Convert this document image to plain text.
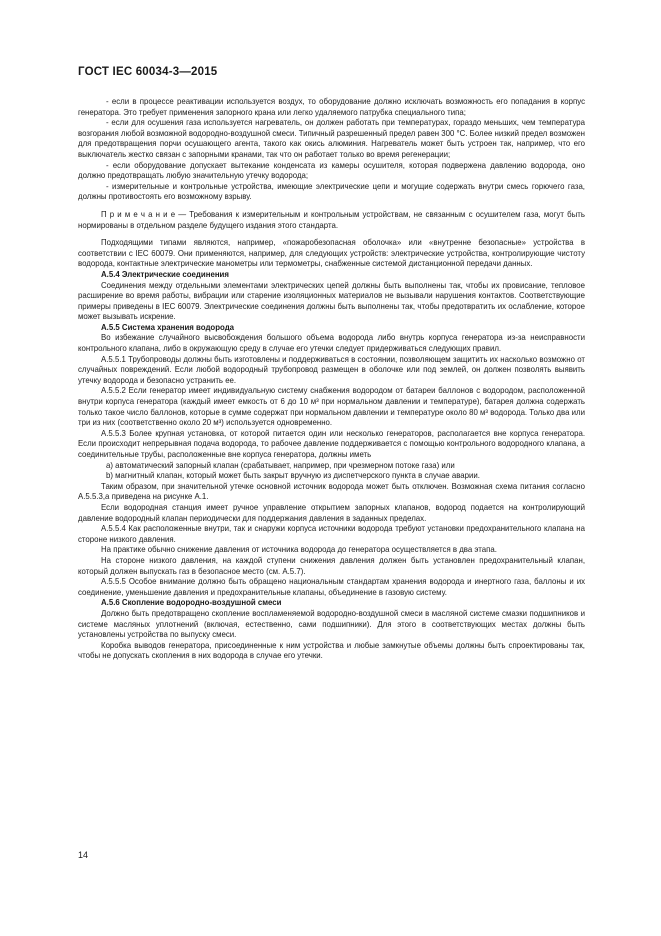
ГОСТ IEC 60034-3—2015

- если в процессе реактивации используется воздух, то оборудование должно исключать возможность его попадания в корпус генератора. Это требует применения запорного крана или легко удаляемого патрубка специального типа;

- если для осушения газа используется нагреватель, он должен работать при температурах, гораздо меньших, чем температура возгорания любой возможной водородно-воздушной смеси. Типичный разрешенный предел равен 300 °С. Более низкий предел возможен для предотвращения порчи осушающего агента, такого как окись алюминия. Нагреватель может быть устроен так, например, что его выключатель жестко связан с запорными кранами, так что он работает только во время регенерации;

- если оборудование допускает вытекание конденсата из камеры осушителя, которая подвержена давлению водорода, оно должно предотвращать любую значительную утечку водорода;

- измерительные и контрольные устройства, имеющие электрические цепи и могущие содержать внутри смесь горючего газа, должны противостоять его возможному взрыву.

П р и м е ч а н и е — Требования к измерительным и контрольным устройствам, не связанным с осушителем газа, могут быть нормированы в отдельном разделе будущего издания этого стандарта.

Подходящими типами являются, например, «пожаробезопасная оболочка» или «внутренне безопасные» устройства в соответствии с IEC 60079. Они применяются, например, для следующих устройств: электрические устройства, контролирующие чистоту водорода, контактные электрические манометры или термометры, снабженные системой дистанционной передачи данных.

А.5.4 Электрические соединения

Соединения между отдельными элементами электрических цепей должны быть выполнены так, чтобы их провисание, тепловое расширение во время работы, вибрации или старение изоляционных материалов не вызывали нарушения контактов. Соответствующие примеры приведены в IEC 60079. Электрические соединения должны быть выполнены так, чтобы предотвратить их ослабление, которое может вызывать искрение.

А.5.5 Система хранения водорода

Во избежание случайного высвобождения большого объема водорода либо внутрь корпуса генератора из-за неисправности контрольного клапана, либо в окружающую среду в случае его утечки следует придерживаться следующих правил.

А.5.5.1 Трубопроводы должны быть изготовлены и поддерживаться в состоянии, позволяющем защитить их насколько возможно от случайных повреждений. Если любой водородный трубопровод размещен в оболочке или под землей, он должен позволять выявить утечку водорода и безопасно устранить ее.

А.5.5.2 Если генератор имеет индивидуальную систему снабжения водородом от батареи баллонов с водородом, расположенной внутри корпуса генератора (каждый имеет емкость от 6 до 10 м³ при нормальном давлении и температуре), батарея должна содержать только такое число баллонов, которые в сумме содержат при нормальном давлении и температуре около 80 м³ водорода. Только два или три из них (соответственно около 20 м³) используется одновременно.

А.5.5.3 Более крупная установка, от которой питается один или несколько генераторов, располагается вне корпуса генератора. Если происходит непрерывная подача водорода, то рабочее давление поддерживается с помощью контрольного водородного клапана, а соединительные трубы, расположенные вне корпуса генератора, должны иметь

a) автоматический запорный клапан (срабатывает, например, при чрезмерном потоке газа) или

b) магнитный клапан, который может быть закрыт вручную из диспетчерского пункта в случае аварии.

Таким образом, при значительной утечке основной источник водорода может быть отключен. Возможная схема питания согласно А.5.5.3,а приведена на рисунке А.1.

Если водородная станция имеет ручное управление открытием запорных клапанов, водород подается на контролирующий давление водородный клапан периодически для поддержания давления в заданных пределах.

А.5.5.4 Как расположенные внутри, так и снаружи корпуса источники водорода требуют установки предохранительного клапана на стороне низкого давления.

На практике обычно снижение давления от источника водорода до генератора осуществляется в два этапа.

На стороне низкого давления, на каждой ступени снижения давления должен быть установлен предохранительный клапан, который должен выпускать газ в безопасное место (см. А.5.7).

А.5.5.5 Особое внимание должно быть обращено национальным стандартам хранения водорода и инертного газа, баллоны и их соединение, уменьшение давления и предохранительные клапаны, объединение в газовую систему.

А.5.6 Скопление водородно-воздушной смеси

Должно быть предотвращено скопление воспламеняемой водородно-воздушной смеси в масляной системе смазки подшипников и системе масляных уплотнений (включая, естественно, сами подшипники). Для этого в соответствующих местах должны быть установлены устройства по выпуску смеси.

Коробка выводов генератора, присоединенные к ним устройства и любые замкнутые объемы должны быть спроектированы так, чтобы не допускать скопления в них водорода в случае его утечки.

14
